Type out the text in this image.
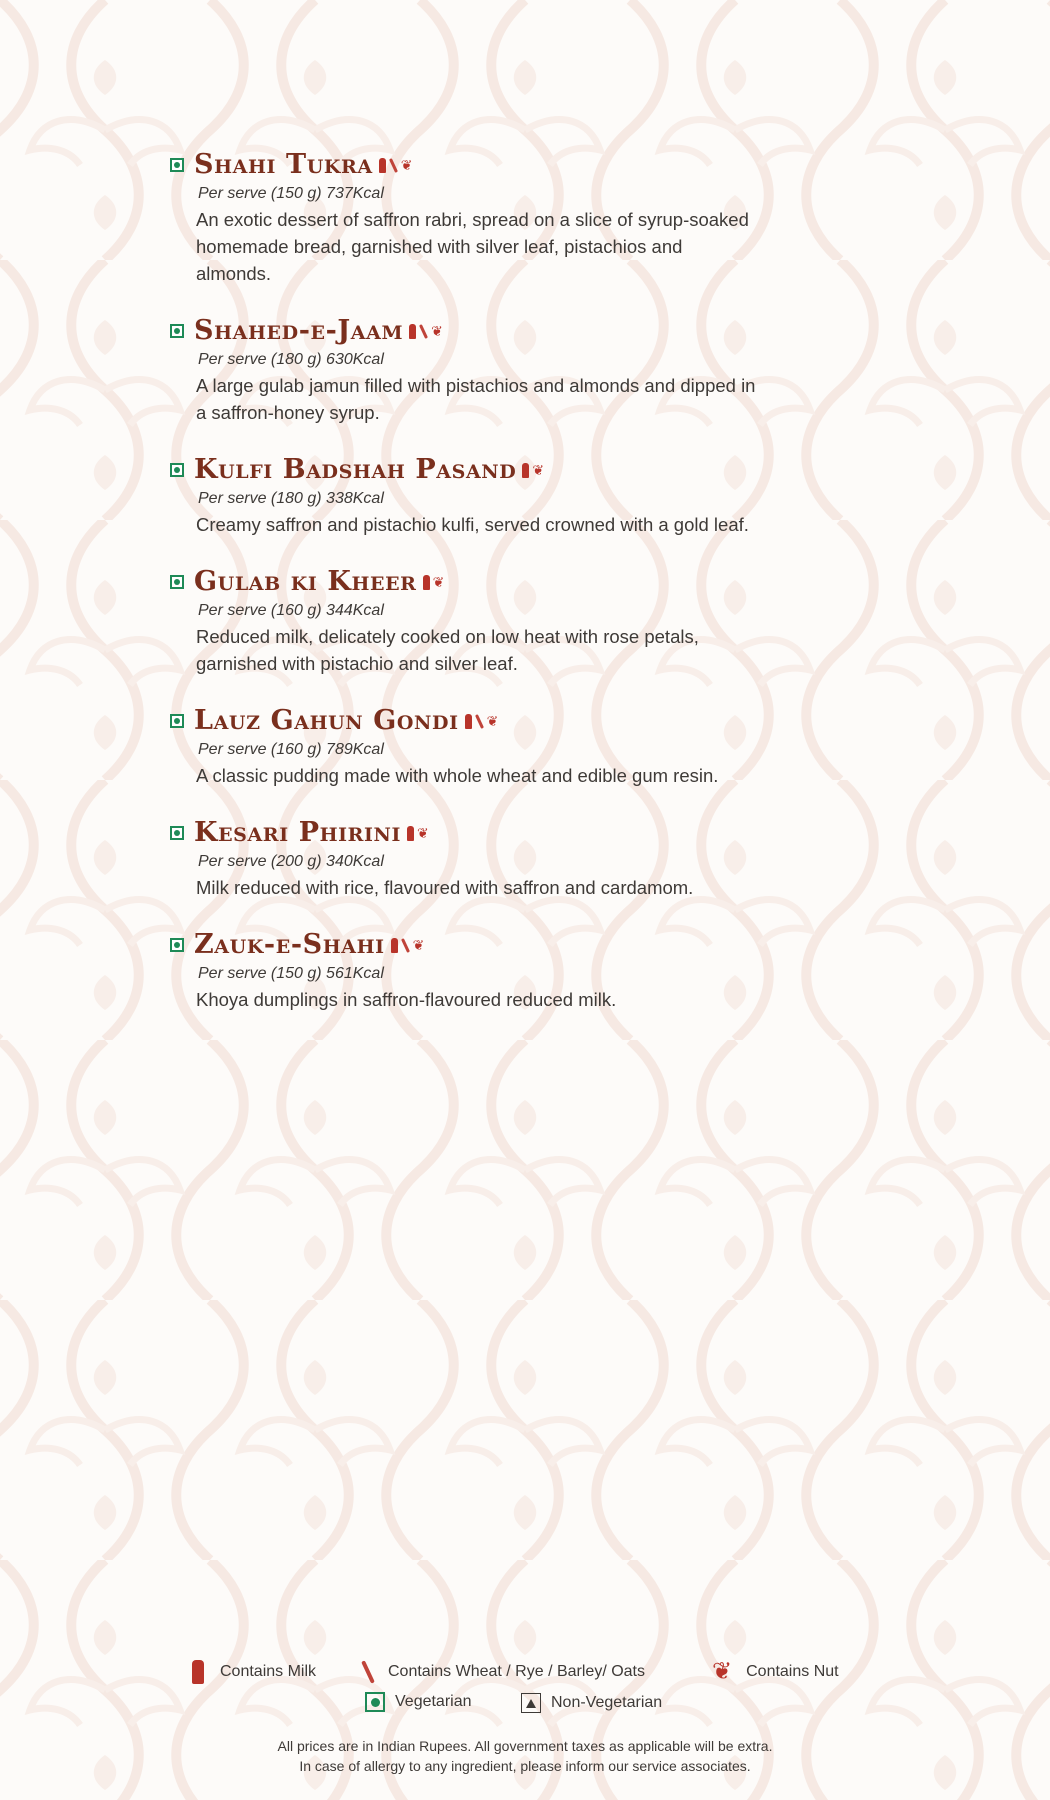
Shahi Tukra ❦
Per serve (150 g) 737Kcal

An exotic dessert of saffron rabri, spread on a slice of syrup-soaked homemade bread, garnished with silver leaf, pistachios and almonds.

Shahed-e-Jaam ❦
Per serve (180 g) 630Kcal

A large gulab jamun filled with pistachios and almonds and dipped in a saffron-honey syrup.

Kulfi Badshah Pasand ❦
Per serve (180 g) 338Kcal

Creamy saffron and pistachio kulfi, served crowned with a gold leaf.

Gulab ki Kheer ❦
Per serve (160 g) 344Kcal

Reduced milk, delicately cooked on low heat with rose petals, garnished with pistachio and silver leaf.

Lauz Gahun Gondi ❦
Per serve (160 g) 789Kcal

A classic pudding made with whole wheat and edible gum resin.

Kesari Phirini ❦
Per serve (200 g) 340Kcal

Milk reduced with rice, flavoured with saffron and cardamom.

Zauk-e-Shahi ❦
Per serve (150 g) 561Kcal

Khoya dumplings in saffron-flavoured reduced milk.

Contains Milk	Contains Wheat / Rye / Barley/ Oats	❦ Contains Nut
Vegetarian	Non-Vegetarian
All prices are in Indian Rupees. All government taxes as applicable will be extra.
In case of allergy to any ingredient, please inform our service associates.
